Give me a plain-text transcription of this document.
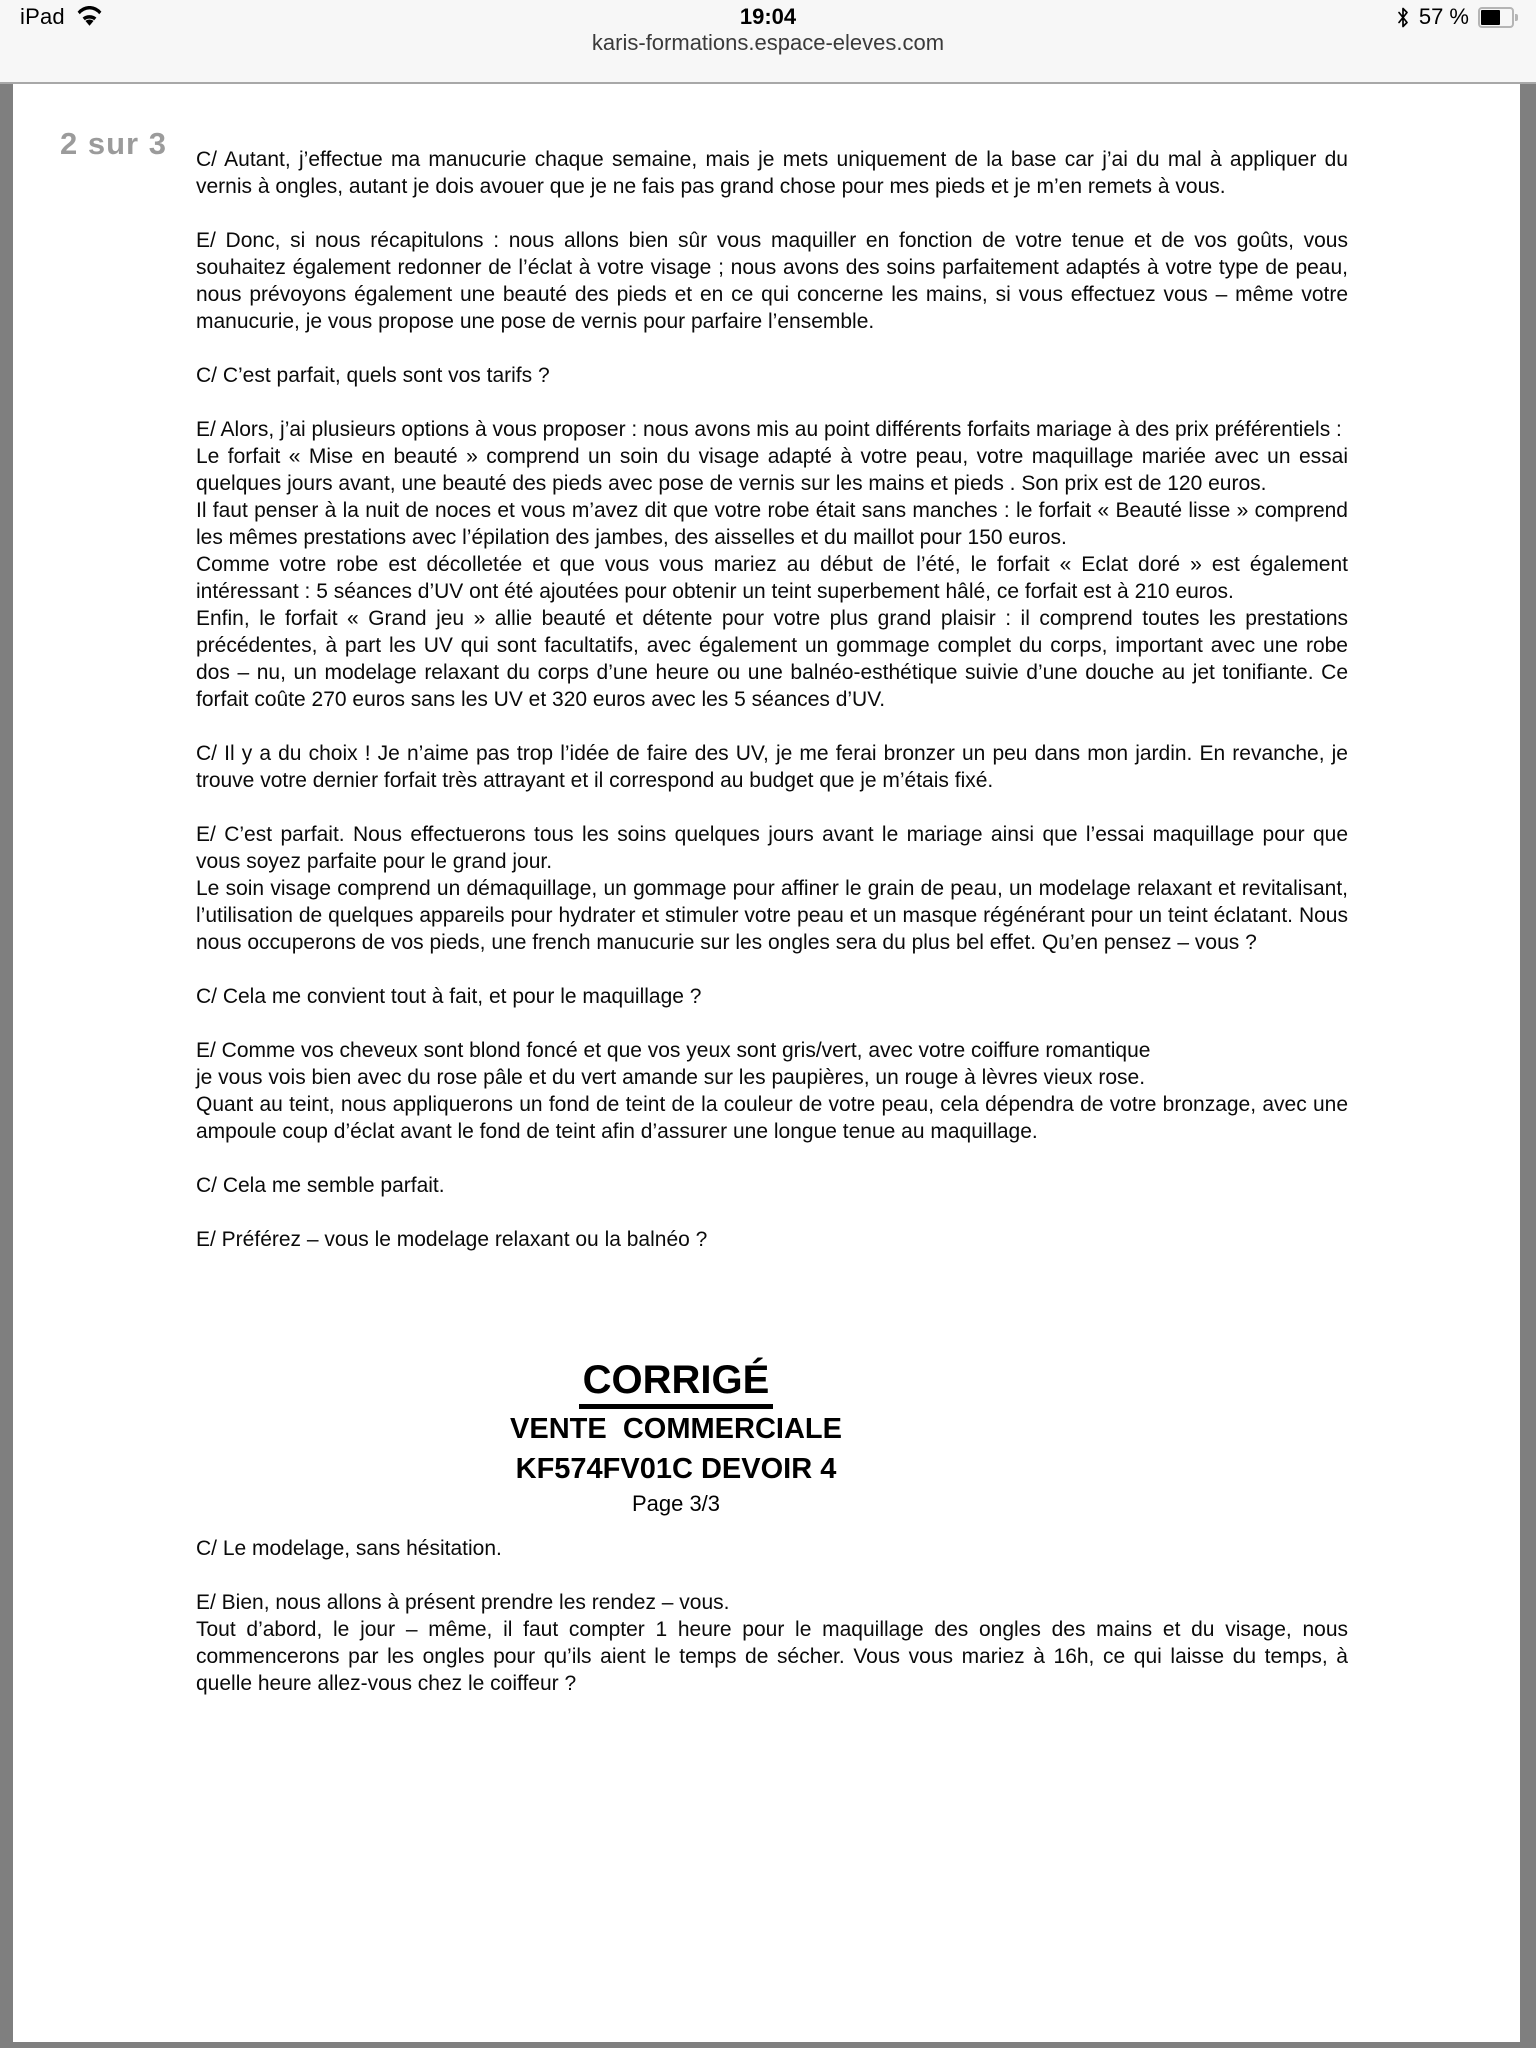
iPad	19:04	57 %
karis-formations.espace-eleves.com
2 sur 3 C/ Autant, j’effectue ma manucurie chaque semaine, mais je mets uniquement de la base car j’ai du mal à appliquer du vernis à ongles, autant je dois avouer que je ne fais pas grand chose pour mes pieds et je m’en remets à vous.
E/ Donc, si nous récapitulons : nous allons bien sûr vous maquiller en fonction de votre tenue et de vos goûts, vous souhaitez également redonner de l’éclat à votre visage ; nous avons des soins parfaitement adaptés à votre type de peau, nous prévoyons également une beauté des pieds et en ce qui concerne les mains, si vous effectuez vous – même votre manucurie, je vous propose une pose de vernis pour parfaire l’ensemble.
C/ C’est parfait, quels sont vos tarifs ?
E/ Alors, j’ai plusieurs options à vous proposer : nous avons mis au point différents forfaits mariage à des prix préférentiels :
Le forfait « Mise en beauté » comprend un soin du visage adapté à votre peau, votre maquillage mariée avec un essai quelques jours avant, une beauté des pieds avec pose de vernis sur les mains et pieds . Son prix est de 120 euros.
Il faut penser à la nuit de noces et vous m’avez dit que votre robe était sans manches : le forfait « Beauté lisse » comprend les mêmes prestations avec l’épilation des jambes, des aisselles et du maillot pour 150 euros.
Comme votre robe est décolletée et que vous vous mariez au début de l’été, le forfait « Eclat doré » est également intéressant : 5 séances d’UV ont été ajoutées pour obtenir un teint superbement hâlé, ce forfait est à 210 euros.
Enfin, le forfait « Grand jeu » allie beauté et détente pour votre plus grand plaisir : il comprend toutes les prestations précédentes, à part les UV qui sont facultatifs, avec également un gommage complet du corps, important avec une robe dos – nu, un modelage relaxant du corps d’une heure ou une balnéo-esthétique suivie d’une douche au jet tonifiante. Ce forfait coûte 270 euros sans les UV et 320 euros avec les 5 séances d’UV.
C/ Il y a du choix ! Je n’aime pas trop l’idée de faire des UV, je me ferai bronzer un peu dans mon jardin. En revanche, je trouve votre dernier forfait très attrayant et il correspond au budget que je m’étais fixé.
E/ C’est parfait. Nous effectuerons tous les soins quelques jours avant le mariage ainsi que l’essai maquillage pour que vous soyez parfaite pour le grand jour.
Le soin visage comprend un démaquillage, un gommage pour affiner le grain de peau, un modelage relaxant et revitalisant, l’utilisation de quelques appareils pour hydrater et stimuler votre peau et un masque régénérant pour un teint éclatant. Nous nous occuperons de vos pieds, une french manucurie sur les ongles sera du plus bel effet. Qu’en pensez – vous ?
C/ Cela me convient tout à fait, et pour le maquillage ?
E/ Comme vos cheveux sont blond foncé et que vos yeux sont gris/vert, avec votre coiffure romantique
je vous vois bien avec du rose pâle et du vert amande sur les paupières, un rouge à lèvres vieux rose.
Quant au teint, nous appliquerons un fond de teint de la couleur de votre peau, cela dépendra de votre bronzage, avec une ampoule coup d’éclat avant le fond de teint afin d’assurer une longue tenue au maquillage.
C/ Cela me semble parfait.
E/ Préférez – vous le modelage relaxant ou la balnéo ?
CORRIGÉ
VENTE  COMMERCIALE
KF574FV01C DEVOIR 4
Page 3/3
C/ Le modelage, sans hésitation.
E/ Bien, nous allons à présent prendre les rendez – vous.
Tout d’abord, le jour – même, il faut compter 1 heure pour le maquillage des ongles des mains et du visage, nous commencerons par les ongles pour qu’ils aient le temps de sécher. Vous vous mariez à 16h, ce qui laisse du temps, à quelle heure allez-vous chez le coiffeur ?
